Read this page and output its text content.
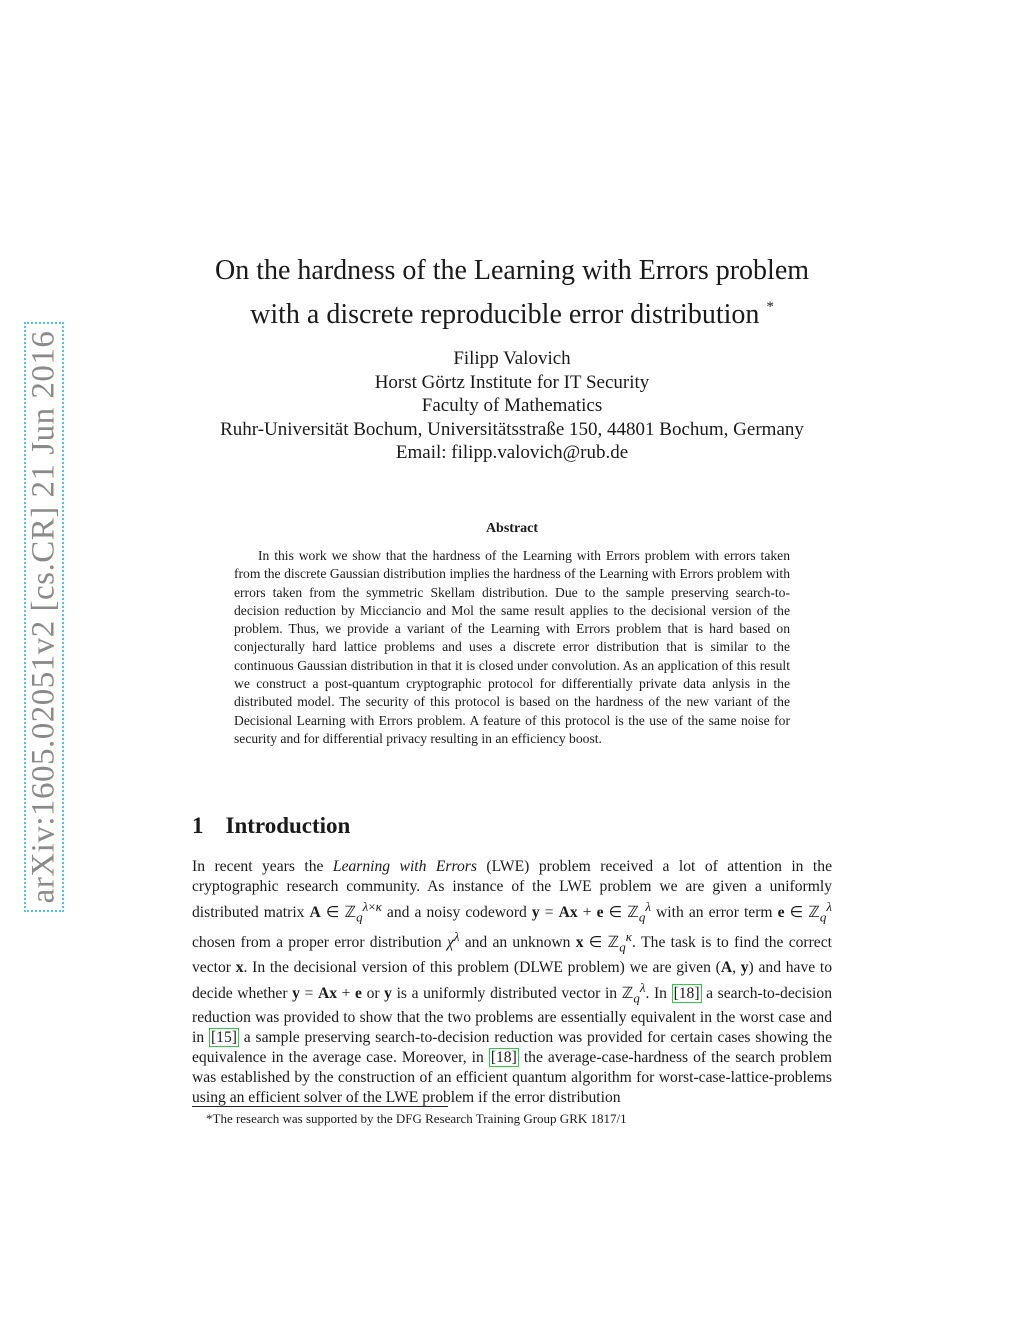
arXiv:1605.02051v2 [cs.CR] 21 Jun 2016
On the hardness of the Learning with Errors problem
with a discrete reproducible error distribution *
Filipp Valovich
Horst Görtz Institute for IT Security
Faculty of Mathematics
Ruhr-Universität Bochum, Universitätsstraße 150, 44801 Bochum, Germany
Email: filipp.valovich@rub.de
Abstract

In this work we show that the hardness of the Learning with Errors problem with errors taken from the discrete Gaussian distribution implies the hardness of the Learning with Errors problem with errors taken from the symmetric Skellam distribution. Due to the sample preserving search-to-decision reduction by Micciancio and Mol the same result applies to the decisional version of the problem. Thus, we provide a variant of the Learning with Errors problem that is hard based on conjecturally hard lattice problems and uses a discrete error distribution that is similar to the continuous Gaussian distribution in that it is closed under convolution. As an application of this result we construct a post-quantum cryptographic protocol for differentially private data anlysis in the distributed model. The security of this protocol is based on the hardness of the new variant of the Decisional Learning with Errors problem. A feature of this protocol is the use of the same noise for security and for differential privacy resulting in an efficiency boost.

1 Introduction

In recent years the Learning with Errors (LWE) problem received a lot of attention in the cryptographic research community. As instance of the LWE problem we are given a uniformly distributed matrix A ∈ ℤ$_q^{\lambda\times\kappa}$ and a noisy codeword y = Ax + e ∈ ℤ$_q^\lambda$ with an error term e ∈ ℤ$_q^\lambda$ chosen from a proper error distribution $\chi^\lambda$ and an unknown x ∈ ℤ$_q^\kappa$. The task is to find the correct vector x. In the decisional version of this problem (DLWE problem) we are given (A, y) and have to decide whether y = Ax + e or y is a uniformly distributed vector in ℤ$_q^\lambda$. In [18] a search-to-decision reduction was provided to show that the two problems are essentially equivalent in the worst case and in [15] a sample preserving search-to-decision reduction was provided for certain cases showing the equivalence in the average case. Moreover, in [18] the average-case-hardness of the search problem was established by the construction of an efficient quantum algorithm for worst-case-lattice-problems using an efficient solver of the LWE problem if the error distribution

*The research was supported by the DFG Research Training Group GRK 1817/1
